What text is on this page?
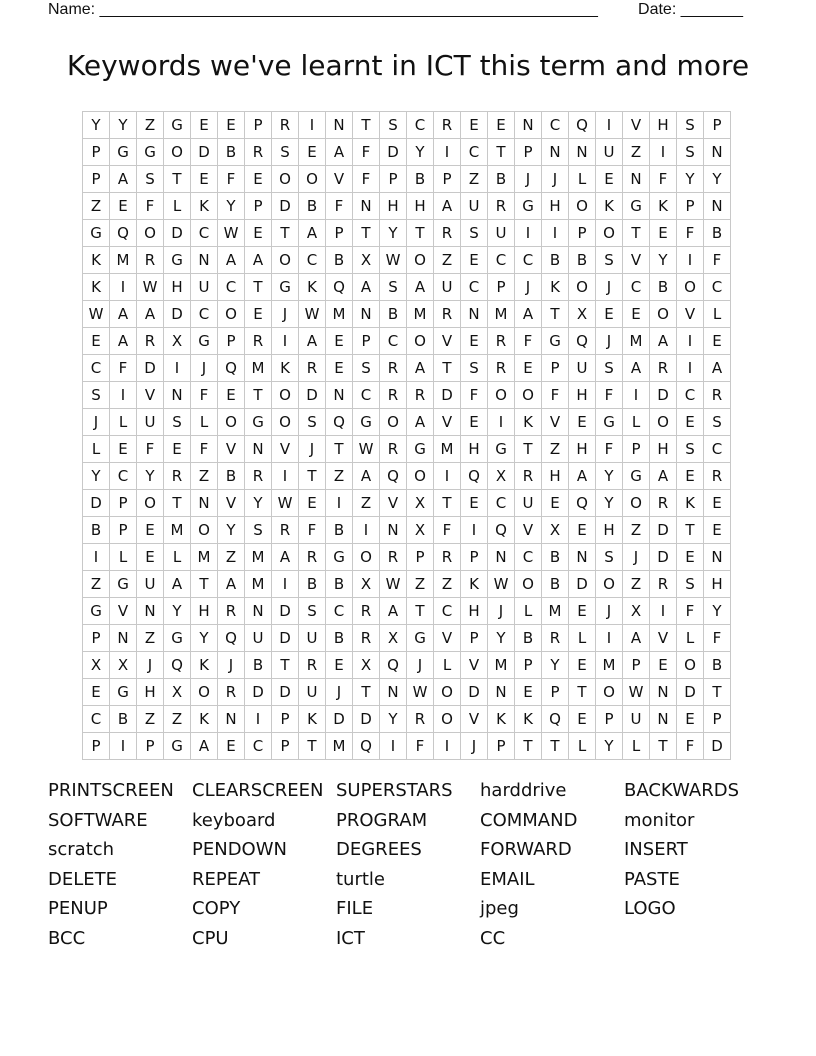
Name: ________________________________________________________	Date: _______
Keywords we've learnt in ICT this term and more
Y	Y	Z	G	E	E	P	R	I	N	T	S	C	R	E	E	N	C	Q	I	V	H	S	P
P	G	G	O	D	B	R	S	E	A	F	D	Y	I	C	T	P	N	N	U	Z	I	S	N
P	A	S	T	E	F	E	O	O	V	F	P	B	P	Z	B	J	J	L	E	N	F	Y	Y
Z	E	F	L	K	Y	P	D	B	F	N	H	H	A	U	R	G	H	O	K	G	K	P	N
G	Q	O	D	C	W	E	T	A	P	T	Y	T	R	S	U	I	I	P	O	T	E	F	B
K	M	R	G	N	A	A	O	C	B	X	W	O	Z	E	C	C	B	B	S	V	Y	I	F
K	I	W	H	U	C	T	G	K	Q	A	S	A	U	C	P	J	K	O	J	C	B	O	C
W	A	A	D	C	O	E	J	W	M	N	B	M	R	N	M	A	T	X	E	E	O	V	L
E	A	R	X	G	P	R	I	A	E	P	C	O	V	E	R	F	G	Q	J	M	A	I	E
C	F	D	I	J	Q	M	K	R	E	S	R	A	T	S	R	E	P	U	S	A	R	I	A
S	I	V	N	F	E	T	O	D	N	C	R	R	D	F	O	O	F	H	F	I	D	C	R
J	L	U	S	L	O	G	O	S	Q	G	O	A	V	E	I	K	V	E	G	L	O	E	S
L	E	F	E	F	V	N	V	J	T	W	R	G	M	H	G	T	Z	H	F	P	H	S	C
Y	C	Y	R	Z	B	R	I	T	Z	A	Q	O	I	Q	X	R	H	A	Y	G	A	E	R
D	P	O	T	N	V	Y	W	E	I	Z	V	X	T	E	C	U	E	Q	Y	O	R	K	E
B	P	E	M	O	Y	S	R	F	B	I	N	X	F	I	Q	V	X	E	H	Z	D	T	E
I	L	E	L	M	Z	M	A	R	G	O	R	P	R	P	N	C	B	N	S	J	D	E	N
Z	G	U	A	T	A	M	I	B	B	X	W	Z	Z	K	W	O	B	D	O	Z	R	S	H
G	V	N	Y	H	R	N	D	S	C	R	A	T	C	H	J	L	M	E	J	X	I	F	Y
P	N	Z	G	Y	Q	U	D	U	B	R	X	G	V	P	Y	B	R	L	I	A	V	L	F
X	X	J	Q	K	J	B	T	R	E	X	Q	J	L	V	M	P	Y	E	M	P	E	O	B
E	G	H	X	O	R	D	D	U	J	T	N	W	O	D	N	E	P	T	O	W	N	D	T
C	B	Z	Z	K	N	I	P	K	D	D	Y	R	O	V	K	K	Q	E	P	U	N	E	P
P	I	P	G	A	E	C	P	T	M	Q	I	F	I	J	P	T	T	L	Y	L	T	F	D
PRINTSCREEN CLEARSCREEN SUPERSTARS harddrive	BACKWARDS
SOFTWARE keyboard	PROGRAM	COMMAND	monitor
scratch	PENDOWN	DEGREES	FORWARD	INSERT
DELETE	REPEAT	turtle	EMAIL	PASTE
PENUP	COPY	FILE	jpeg	LOGO
BCC	CPU	ICT	CC
